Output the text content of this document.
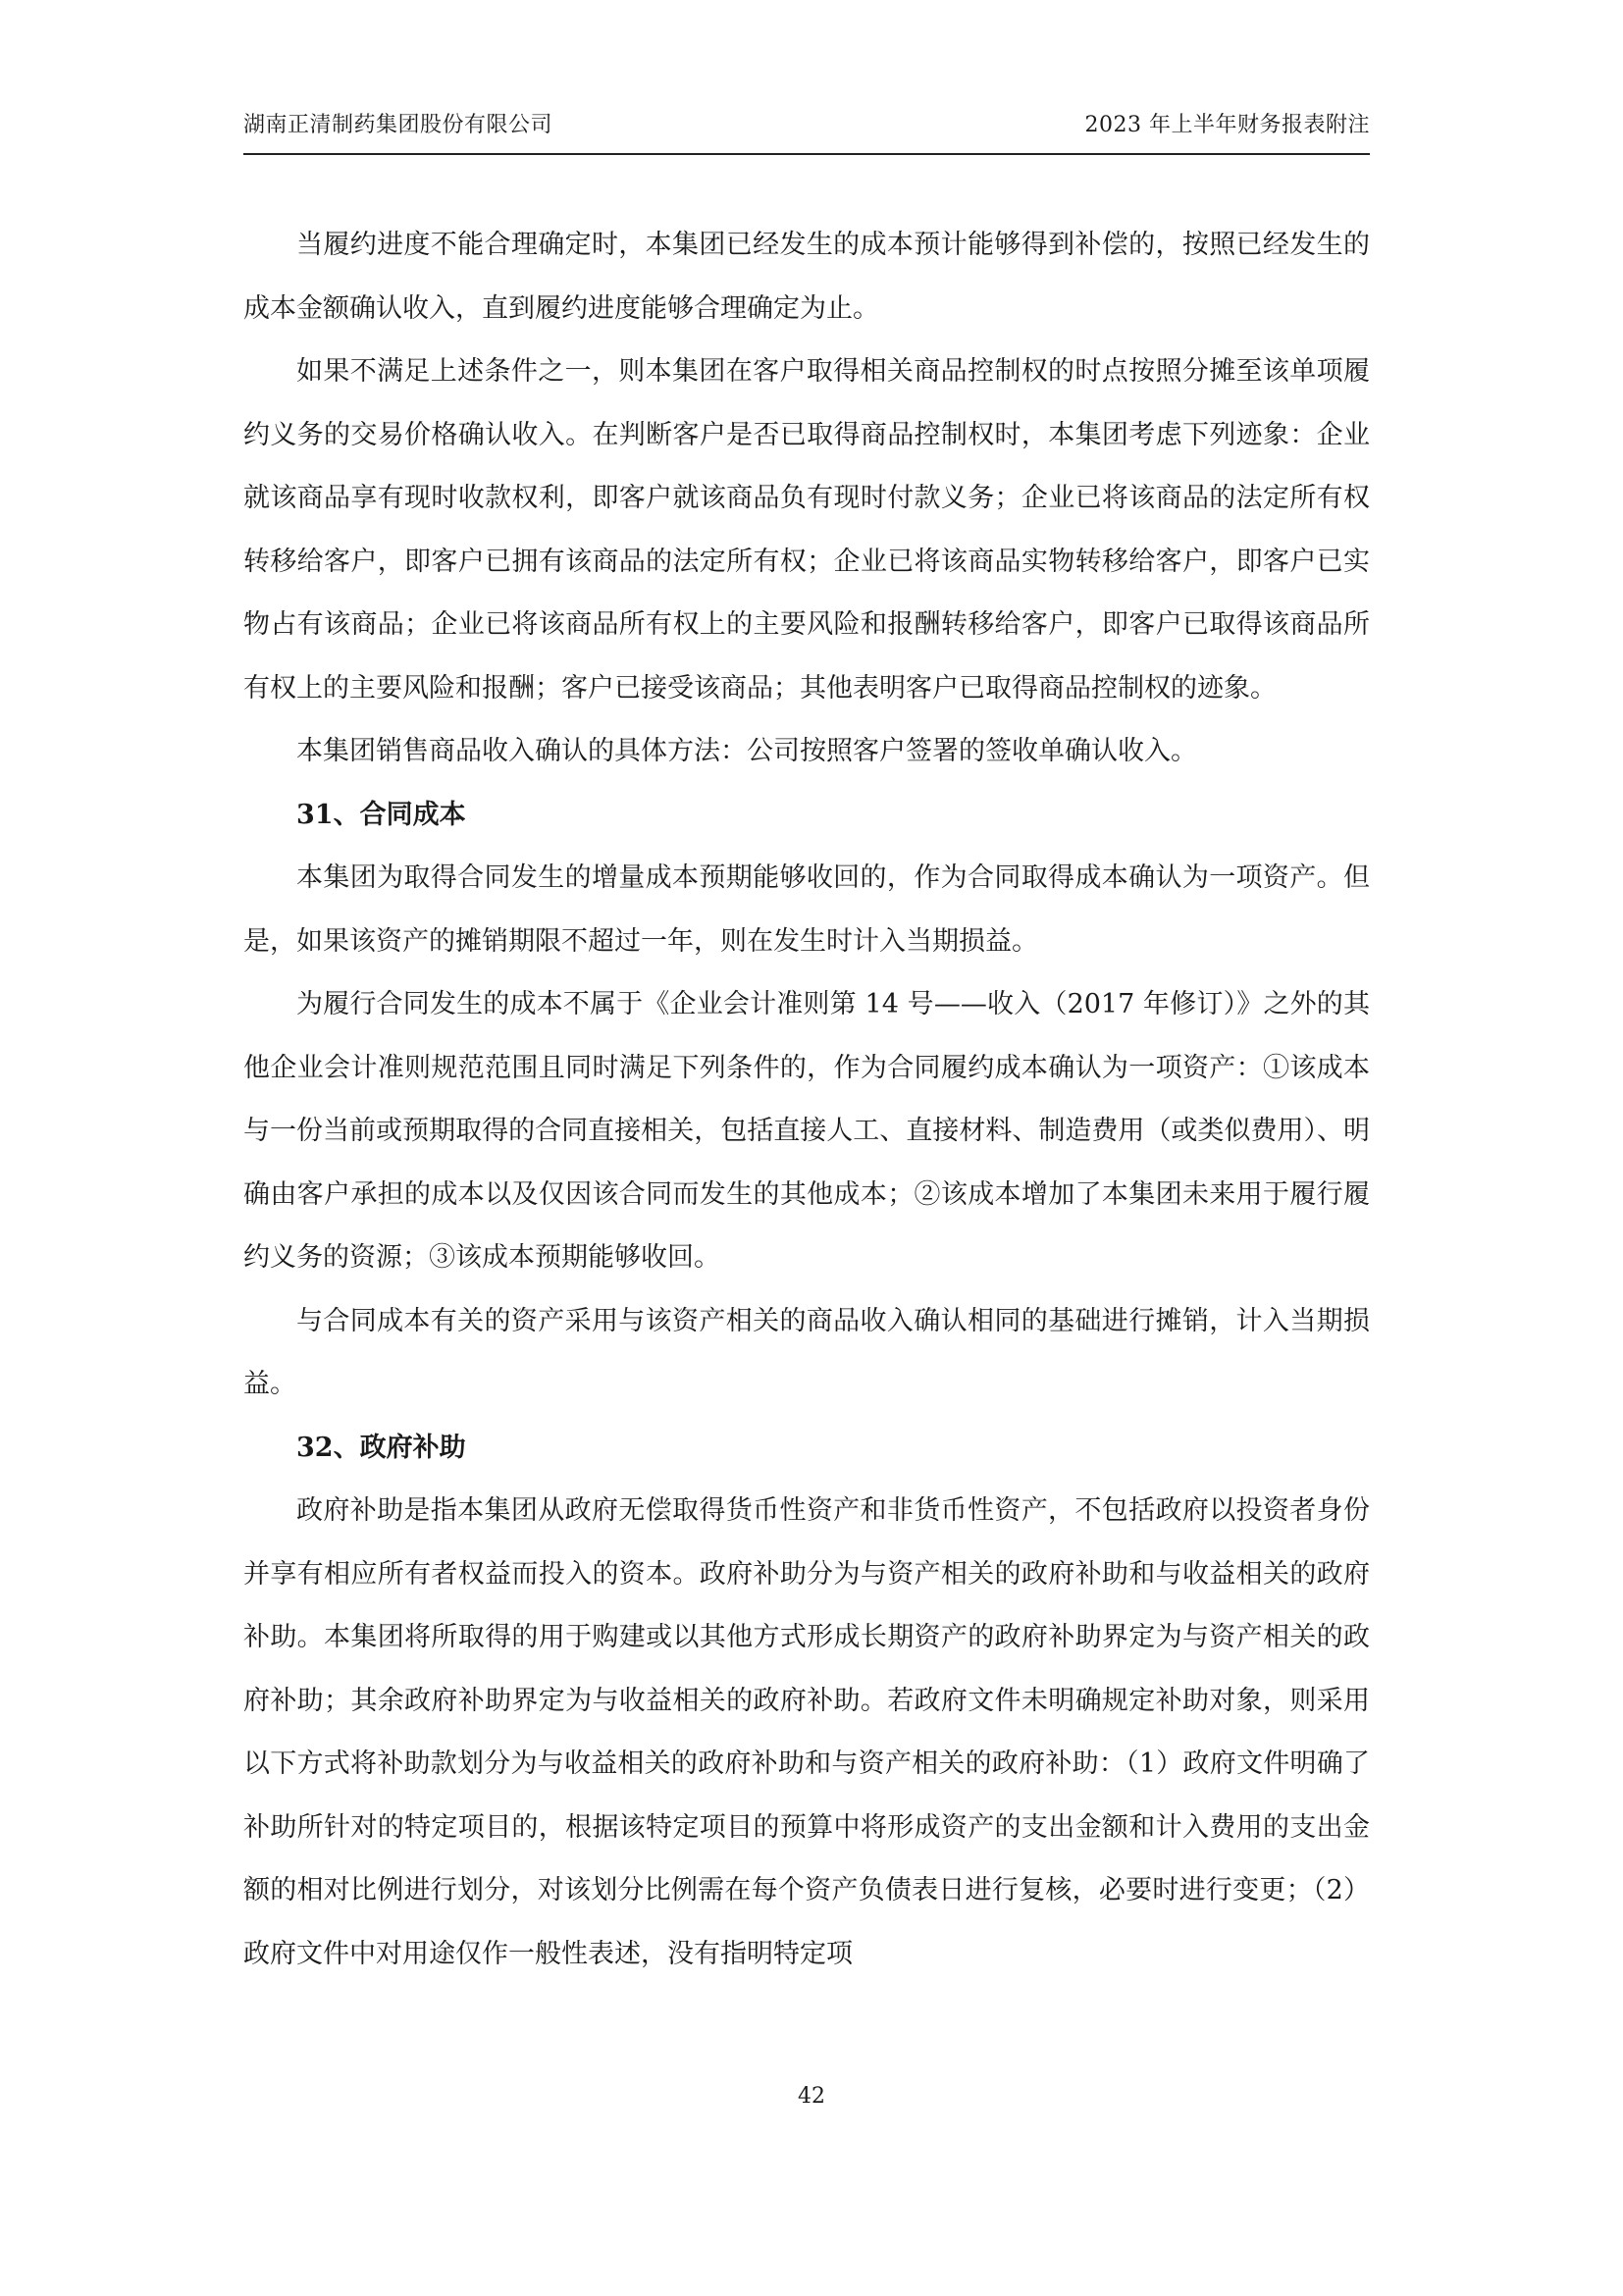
湖南正清制药集团股份有限公司	2023 年上半年财务报表附注

当履约进度不能合理确定时，本集团已经发生的成本预计能够得到补偿的，按照已经发生的成本金额确认收入，直到履约进度能够合理确定为止。

如果不满足上述条件之一，则本集团在客户取得相关商品控制权的时点按照分摊至该单项履约义务的交易价格确认收入。在判断客户是否已取得商品控制权时，本集团考虑下列迹象：企业就该商品享有现时收款权利，即客户就该商品负有现时付款义务；企业已将该商品的法定所有权转移给客户，即客户已拥有该商品的法定所有权；企业已将该商品实物转移给客户，即客户已实物占有该商品；企业已将该商品所有权上的主要风险和报酬转移给客户，即客户已取得该商品所有权上的主要风险和报酬；客户已接受该商品；其他表明客户已取得商品控制权的迹象。

本集团销售商品收入确认的具体方法：公司按照客户签署的签收单确认收入。

31、合同成本

本集团为取得合同发生的增量成本预期能够收回的，作为合同取得成本确认为一项资产。但是，如果该资产的摊销期限不超过一年，则在发生时计入当期损益。

为履行合同发生的成本不属于《企业会计准则第 14 号——收入（2017 年修订）》之外的其他企业会计准则规范范围且同时满足下列条件的，作为合同履约成本确认为一项资产：①该成本与一份当前或预期取得的合同直接相关，包括直接人工、直接材料、制造费用（或类似费用）、明确由客户承担的成本以及仅因该合同而发生的其他成本；②该成本增加了本集团未来用于履行履约义务的资源；③该成本预期能够收回。

与合同成本有关的资产采用与该资产相关的商品收入确认相同的基础进行摊销，计入当期损益。

32、政府补助

政府补助是指本集团从政府无偿取得货币性资产和非货币性资产，不包括政府以投资者身份并享有相应所有者权益而投入的资本。政府补助分为与资产相关的政府补助和与收益相关的政府补助。本集团将所取得的用于购建或以其他方式形成长期资产的政府补助界定为与资产相关的政府补助；其余政府补助界定为与收益相关的政府补助。若政府文件未明确规定补助对象，则采用以下方式将补助款划分为与收益相关的政府补助和与资产相关的政府补助：（1）政府文件明确了补助所针对的特定项目的，根据该特定项目的预算中将形成资产的支出金额和计入费用的支出金额的相对比例进行划分，对该划分比例需在每个资产负债表日进行复核，必要时进行变更；（2）政府文件中对用途仅作一般性表述，没有指明特定项

42
